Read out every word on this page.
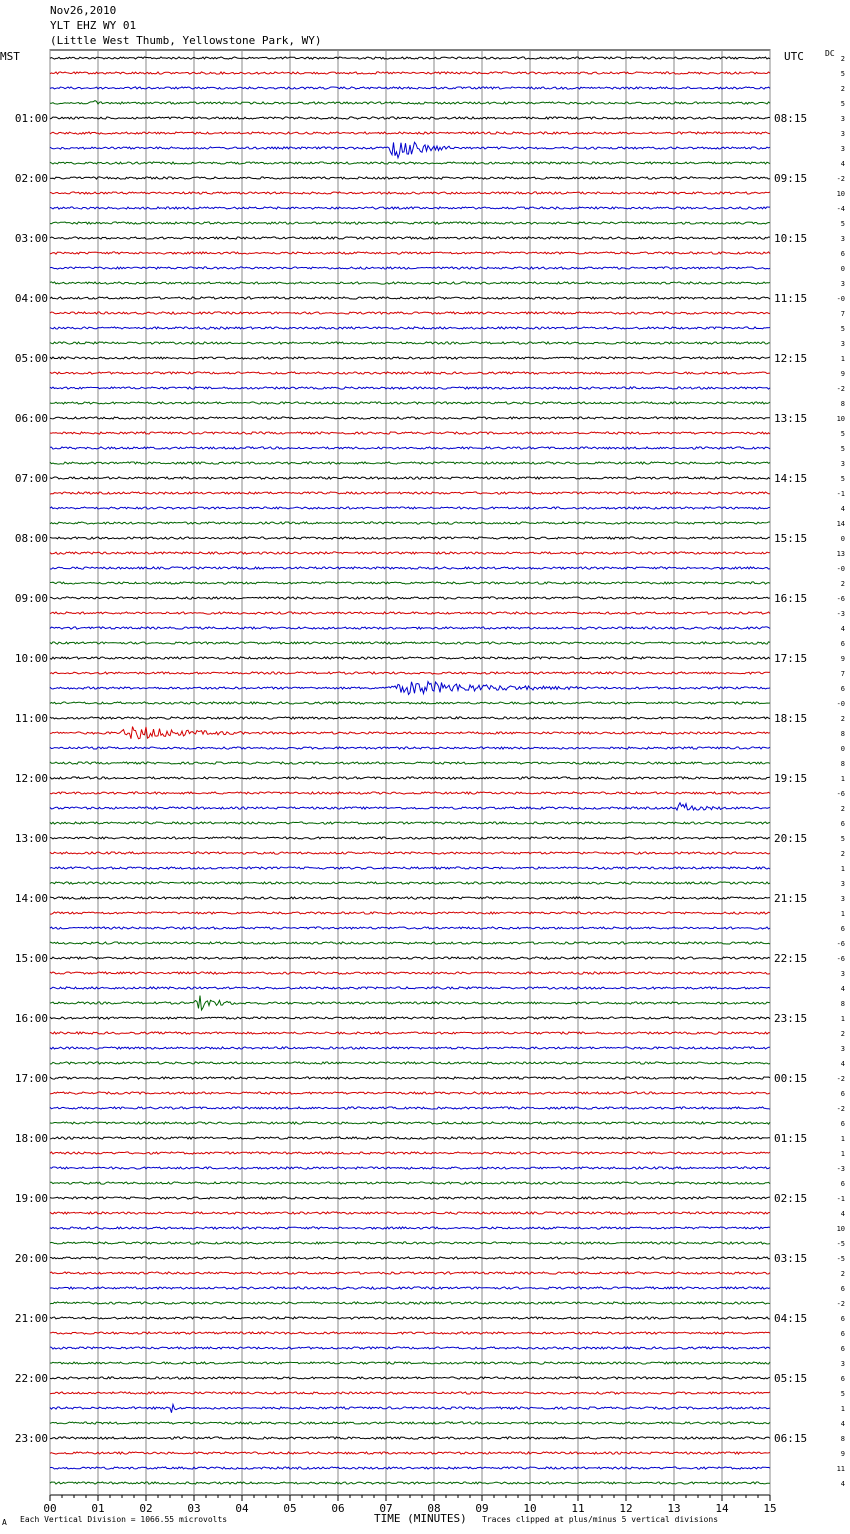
Nov26,2010
YLT EHZ WY 01
(Little West Thumb, Yellowstone Park, WY)
MST	UTC	DC
00	01	02	03	04	05	06	07	08	09	10	11	12	13	14	15
2
5
2
5
3
3
3
4
-2
10
-4
5
3
6
0
3
-0
7
5
3
1
9
-2
8
10
5
5
3
5
-1
4
14
0
13
-0
2
-6
-3
4
6
9
7
6
-0
2
8
0
8
1
-6
2
6
5
2
1
3
3
1
6
-6
-6
3
4
8
1
2
3
4
-2
6
-2
6
1
1
-3
6
-1
4
10
-5
-5
2
6
-2
6
6
6
3
6
5
1
4
8
9
11
4
01:00	08:15
02:00	09:15
03:00	10:15
04:00	11:15
05:00	12:15
06:00	13:15
07:00	14:15
08:00	15:15
09:00	16:15
10:00	17:15
11:00	18:15
12:00	19:15
13:00	20:15
14:00	21:15
15:00	22:15
16:00	23:15
17:00	00:15
18:00	01:15
19:00	02:15
20:00	03:15
21:00	04:15
22:00	05:15
23:00	06:15
A Each Vertical Division = 1066.55 microvolts	TIME (MINUTES) Traces clipped at plus/minus 5 vertical divisions
